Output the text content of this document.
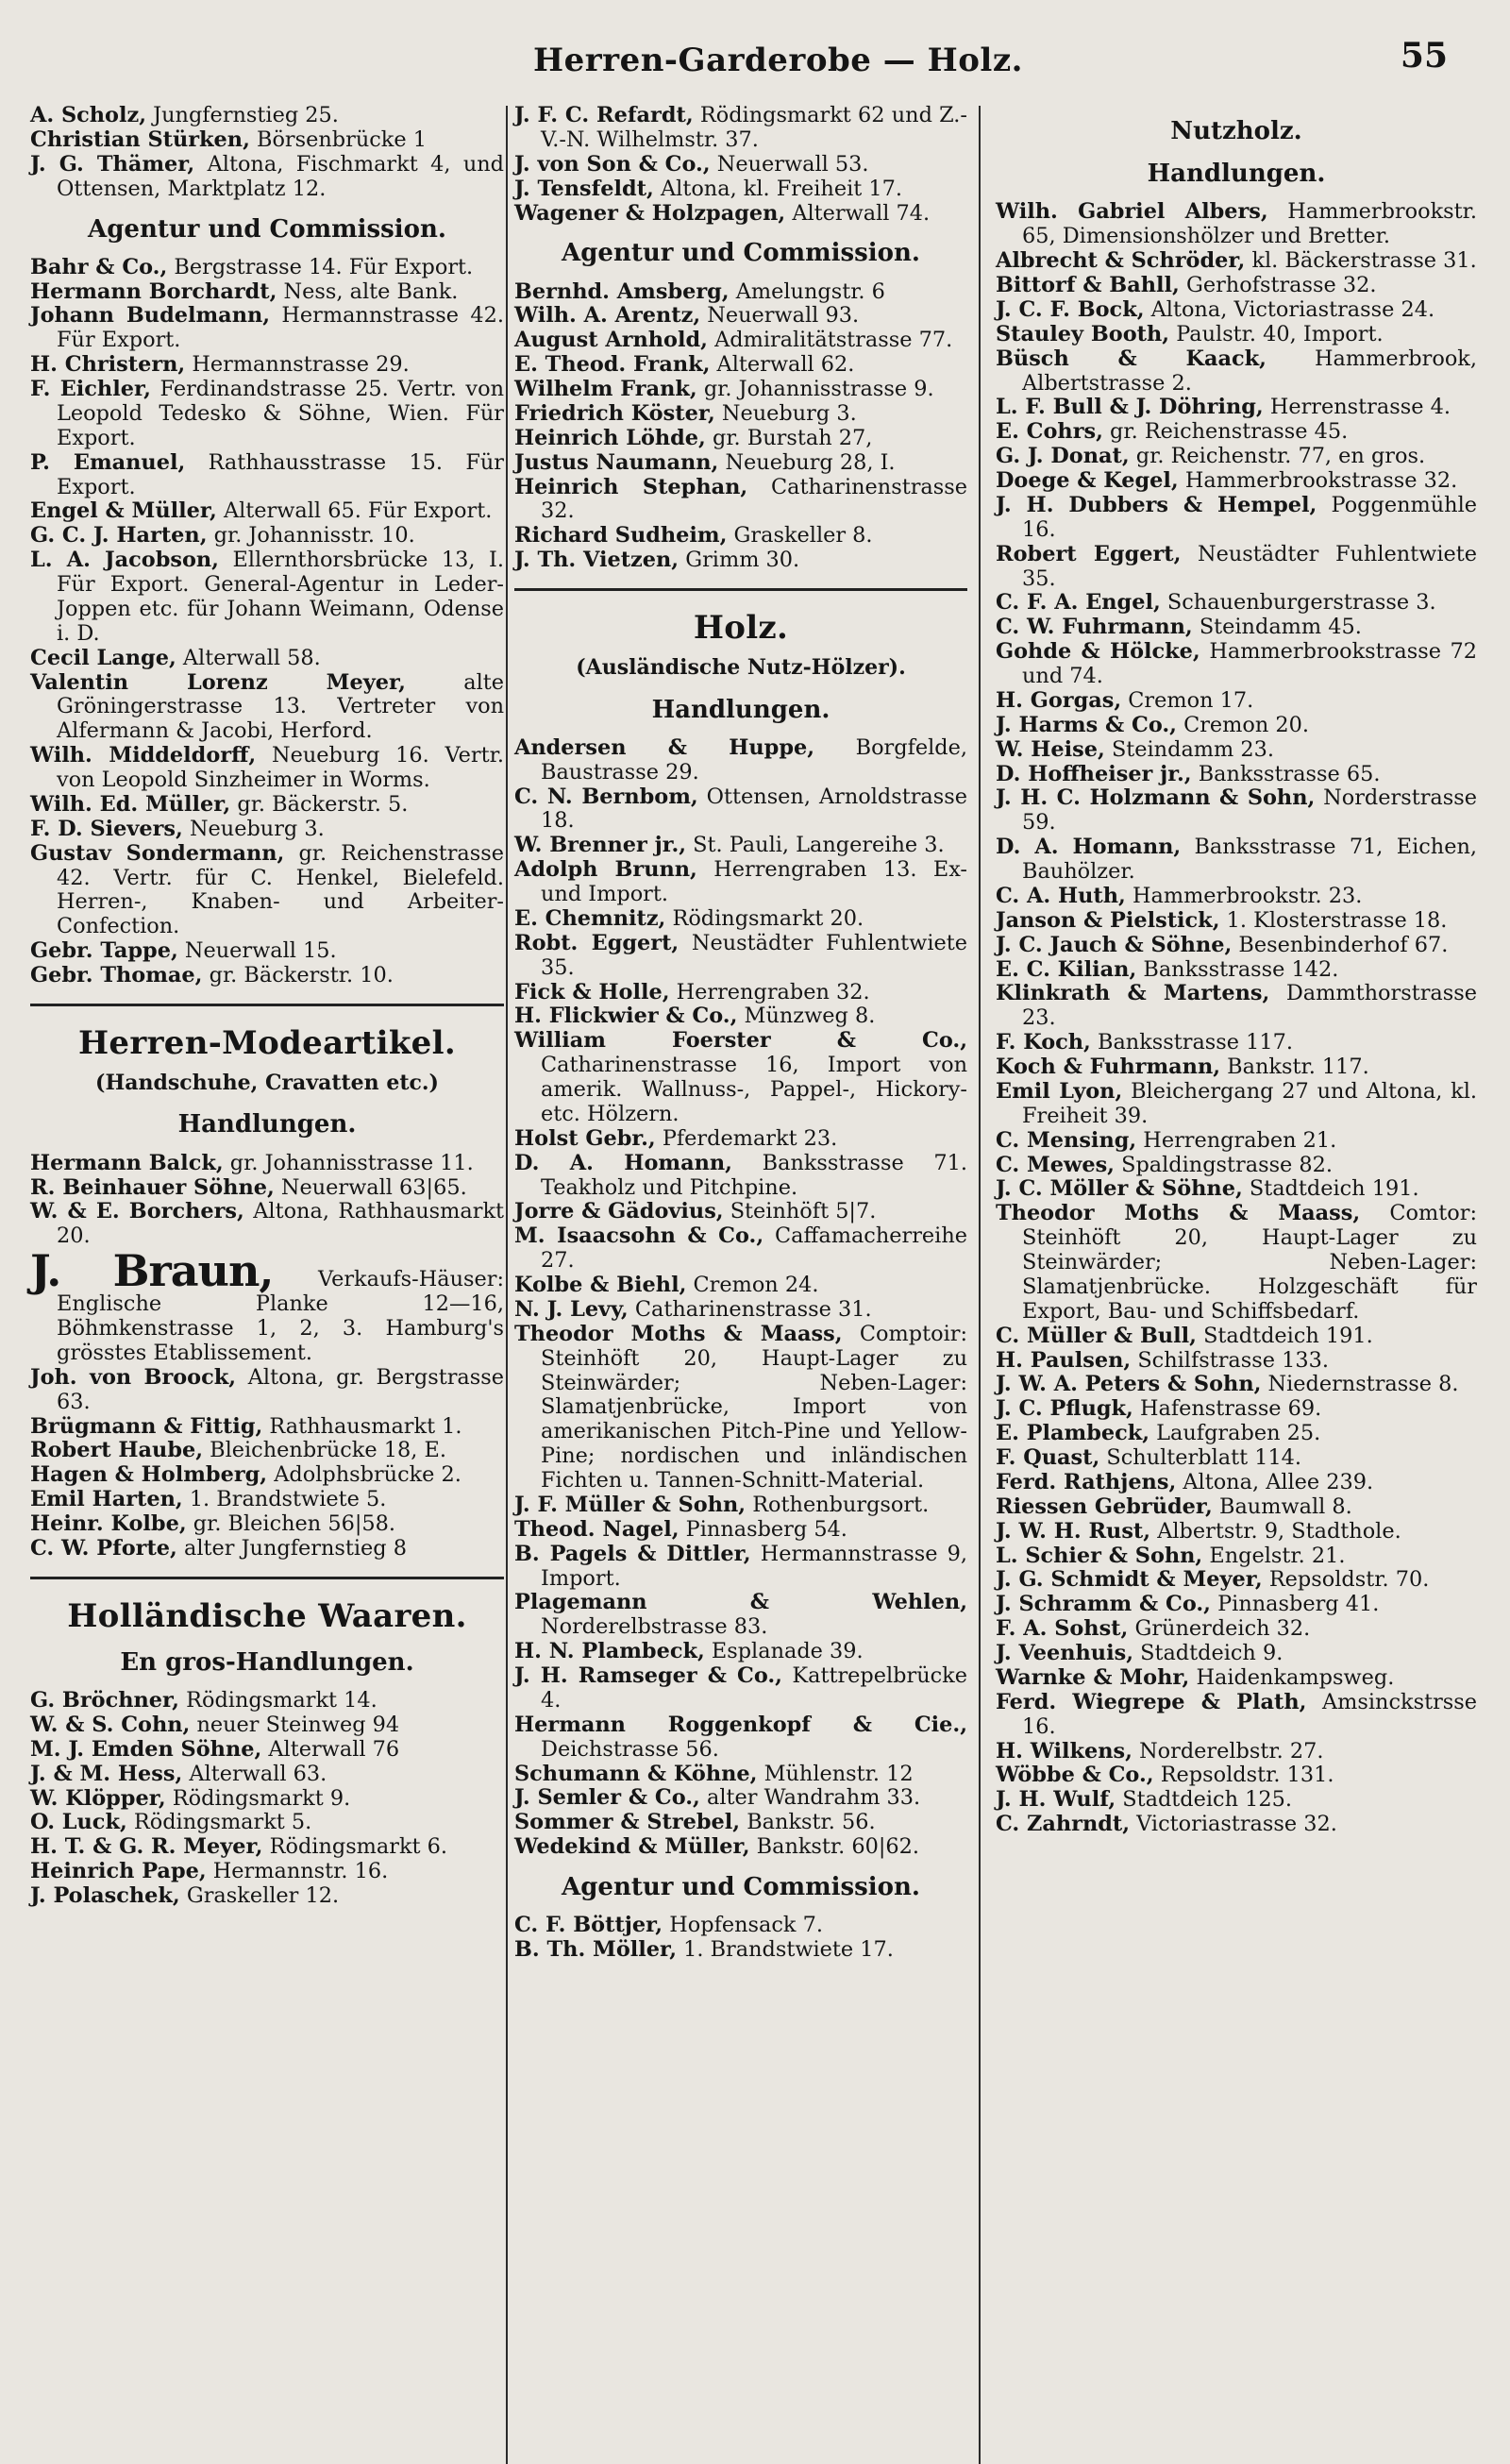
Herren-Garderobe — Holz.	55

A. Scholz, Jungfernstieg 25.

Christian Stürken, Börsenbrücke 1

J. G. Thämer, Altona, Fischmarkt 4, und Ottensen, Marktplatz 12.

Agentur und Commission.

Bahr & Co., Bergstrasse 14. Für Export.

Hermann Borchardt, Ness, alte Bank.

Johann Budelmann, Hermannstrasse 42. Für Export.

H. Christern, Hermannstrasse 29.

F. Eichler, Ferdinandstrasse 25. Vertr. von Leopold Tedesko & Söhne, Wien. Für Export.

P. Emanuel, Rathhausstrasse 15. Für Export.

Engel & Müller, Alterwall 65. Für Export.

G. C. J. Harten, gr. Johannisstr. 10.

L. A. Jacobson, Ellernthorsbrücke 13, I. Für Export. General-Agentur in Leder-Joppen etc. für Johann Weimann, Odense i. D.

Cecil Lange, Alterwall 58.

Valentin Lorenz Meyer,	alte Gröningerstrasse 13. Vertreter von Alfermann & Jacobi, Herford.

Wilh. Middeldorff, Neueburg 16. Vertr. von Leopold Sinzheimer in Worms.

Wilh. Ed. Müller, gr. Bäckerstr. 5.

F. D. Sievers, Neueburg 3.

Gustav Sondermann, gr. Reichenstrasse 42. Vertr. für C. Henkel, Bielefeld. Herren-, Knaben- und Arbeiter-Confection.

Gebr. Tappe, Neuerwall 15.

Gebr. Thomae, gr. Bäckerstr. 10.

Herren-Modeartikel.
(Handschuhe, Cravatten etc.)
Handlungen.

Hermann Balck, gr. Johannisstrasse 11.

R. Beinhauer Söhne, Neuerwall 63|65.

W. & E. Borchers, Altona, Rathhausmarkt 20.

J. Braun, Verkaufs-Häuser: Englische Planke 12—16, Böhmkenstrasse 1, 2, 3. Hamburg's grösstes Etablissement.

Joh. von Broock, Altona, gr. Bergstrasse 63.

Brügmann & Fittig, Rathhausmarkt 1.

Robert Haube, Bleichenbrücke 18, E.

Hagen & Holmberg, Adolphsbrücke 2.

Emil Harten, 1. Brandstwiete 5.

Heinr. Kolbe, gr. Bleichen 56|58.

C. W. Pforte, alter Jungfernstieg 8

Holländische Waaren.
En gros-Handlungen.

G. Bröchner, Rödingsmarkt 14.

W. & S. Cohn, neuer Steinweg 94

M. J. Emden Söhne, Alterwall 76

J. & M. Hess, Alterwall 63.

W. Klöpper, Rödingsmarkt 9.

O. Luck, Rödingsmarkt 5.

H. T. & G. R. Meyer, Rödingsmarkt 6.

Heinrich Pape, Hermannstr. 16.

J. Polaschek, Graskeller 12.

J. F. C. Refardt, Rödingsmarkt 62 und Z.-V.-N. Wilhelmstr. 37.

J. von Son & Co., Neuerwall 53.

J. Tensfeldt, Altona, kl. Freiheit 17.

Wagener & Holzpagen, Alterwall 74.

Agentur und Commission.

Bernhd. Amsberg, Amelungstr. 6

Wilh. A. Arentz, Neuerwall 93.

August Arnhold, Admiralitätstrasse 77.

E. Theod. Frank, Alterwall 62.

Wilhelm Frank, gr. Johannisstrasse 9.

Friedrich Köster, Neueburg 3.

Heinrich Löhde, gr. Burstah 27,

Justus Naumann, Neueburg 28, I.

Heinrich Stephan, Catharinenstrasse 32.

Richard Sudheim, Graskeller 8.

J. Th. Vietzen, Grimm 30.

Holz.
(Ausländische Nutz-Hölzer).
Handlungen.

Andersen & Huppe, Borgfelde, Baustrasse 29.

C. N. Bernbom, Ottensen, Arnoldstrasse 18.

W. Brenner jr., St. Pauli, Langereihe 3.

Adolph Brunn, Herrengraben 13. Ex- und Import.

E. Chemnitz, Rödingsmarkt 20.

Robt. Eggert, Neustädter Fuhlentwiete 35.

Fick & Holle, Herrengraben 32.

H. Flickwier & Co., Münzweg 8.

William Foerster & Co., Catharinenstrasse 16, Import von amerik. Wallnuss-, Pappel-, Hickory- etc. Hölzern.

Holst Gebr., Pferdemarkt 23.

D. A. Homann, Banksstrasse 71. Teakholz und Pitchpine.

Jorre & Gädovius, Steinhöft 5|7.

M. Isaacsohn & Co., Caffamacherreihe 27.

Kolbe & Biehl, Cremon 24.

N. J. Levy, Catharinenstrasse 31.

Theodor Moths & Maass, Comptoir: Steinhöft 20, Haupt-Lager zu Steinwärder; Neben-Lager: Slamatjenbrücke, Import von amerikanischen Pitch-Pine und Yellow-Pine; nordischen und inländischen Fichten u. Tannen-Schnitt-Material.

J. F. Müller & Sohn, Rothenburgsort.

Theod. Nagel, Pinnasberg 54.

B. Pagels & Dittler, Hermannstrasse 9, Import.

Plagemann & Wehlen, Norderelbstrasse 83.

H. N. Plambeck, Esplanade 39.

J. H. Ramseger & Co., Kattrepelbrücke 4.

Hermann Roggenkopf & Cie., Deichstrasse 56.

Schumann & Köhne, Mühlenstr. 12

J. Semler & Co., alter Wandrahm 33.

Sommer & Strebel, Bankstr. 56.

Wedekind & Müller, Bankstr. 60|62.

Agentur und Commission.

C. F. Böttjer, Hopfensack 7.

B. Th. Möller, 1. Brandstwiete 17.

Nutzholz.
Handlungen.

Wilh. Gabriel Albers, Hammerbrookstr. 65, Dimensionshölzer und Bretter.

Albrecht & Schröder, kl. Bäckerstrasse 31.

Bittorf & Bahll, Gerhofstrasse 32.

J. C. F. Bock, Altona, Victoriastrasse 24.

Stauley Booth, Paulstr. 40, Import.

Büsch & Kaack, Hammerbrook, Albertstrasse 2.

L. F. Bull & J. Döhring, Herrenstrasse 4.

E. Cohrs, gr. Reichenstrasse 45.

G. J. Donat, gr. Reichenstr. 77, en gros.

Doege & Kegel, Hammerbrookstrasse 32.

J. H. Dubbers & Hempel, Poggenmühle 16.

Robert Eggert, Neustädter Fuhlentwiete 35.

C. F. A. Engel, Schauenburgerstrasse 3.

C. W. Fuhrmann, Steindamm 45.

Gohde & Hölcke, Hammerbrookstrasse 72 und 74.

H. Gorgas, Cremon 17.

J. Harms & Co., Cremon 20.

W. Heise, Steindamm 23.

D. Hoffheiser jr., Banksstrasse 65.

J. H. C. Holzmann & Sohn, Norderstrasse 59.

D. A. Homann, Banksstrasse 71, Eichen, Bauhölzer.

C. A. Huth, Hammerbrookstr. 23.

Janson & Pielstick, 1. Klosterstrasse 18.

J. C. Jauch & Söhne, Besenbinderhof 67.

E. C. Kilian, Banksstrasse 142.

Klinkrath & Martens, Dammthorstrasse 23.

F. Koch, Banksstrasse 117.

Koch & Fuhrmann, Bankstr. 117.

Emil Lyon, Bleichergang 27 und Altona, kl. Freiheit 39.

C. Mensing, Herrengraben 21.

C. Mewes, Spaldingstrasse 82.

J. C. Möller & Söhne, Stadtdeich 191.

Theodor Moths & Maass, Comtor: Steinhöft 20, Haupt-Lager zu Steinwärder; Neben-Lager: Slamatjenbrücke. Holzgeschäft für Export, Bau- und Schiffsbedarf.

C. Müller & Bull, Stadtdeich 191.

H. Paulsen, Schilfstrasse 133.

J. W. A. Peters & Sohn, Niedernstrasse 8.

J. C. Pflugk, Hafenstrasse 69.

E. Plambeck, Laufgraben 25.

F. Quast, Schulterblatt 114.

Ferd. Rathjens, Altona, Allee 239.

Riessen Gebrüder, Baumwall 8.

J. W. H. Rust, Albertstr. 9, Stadthole.

L. Schier & Sohn, Engelstr. 21.

J. G. Schmidt & Meyer, Repsoldstr. 70.

J. Schramm & Co., Pinnasberg 41.

F. A. Sohst, Grünerdeich 32.

J. Veenhuis, Stadtdeich 9.

Warnke & Mohr, Haidenkampsweg.

Ferd. Wiegrepe & Plath, Amsinckstrsse 16.

H. Wilkens, Norderelbstr. 27.

Wöbbe & Co., Repsoldstr. 131.

J. H. Wulf, Stadtdeich 125.

C. Zahrndt, Victoriastrasse 32.
